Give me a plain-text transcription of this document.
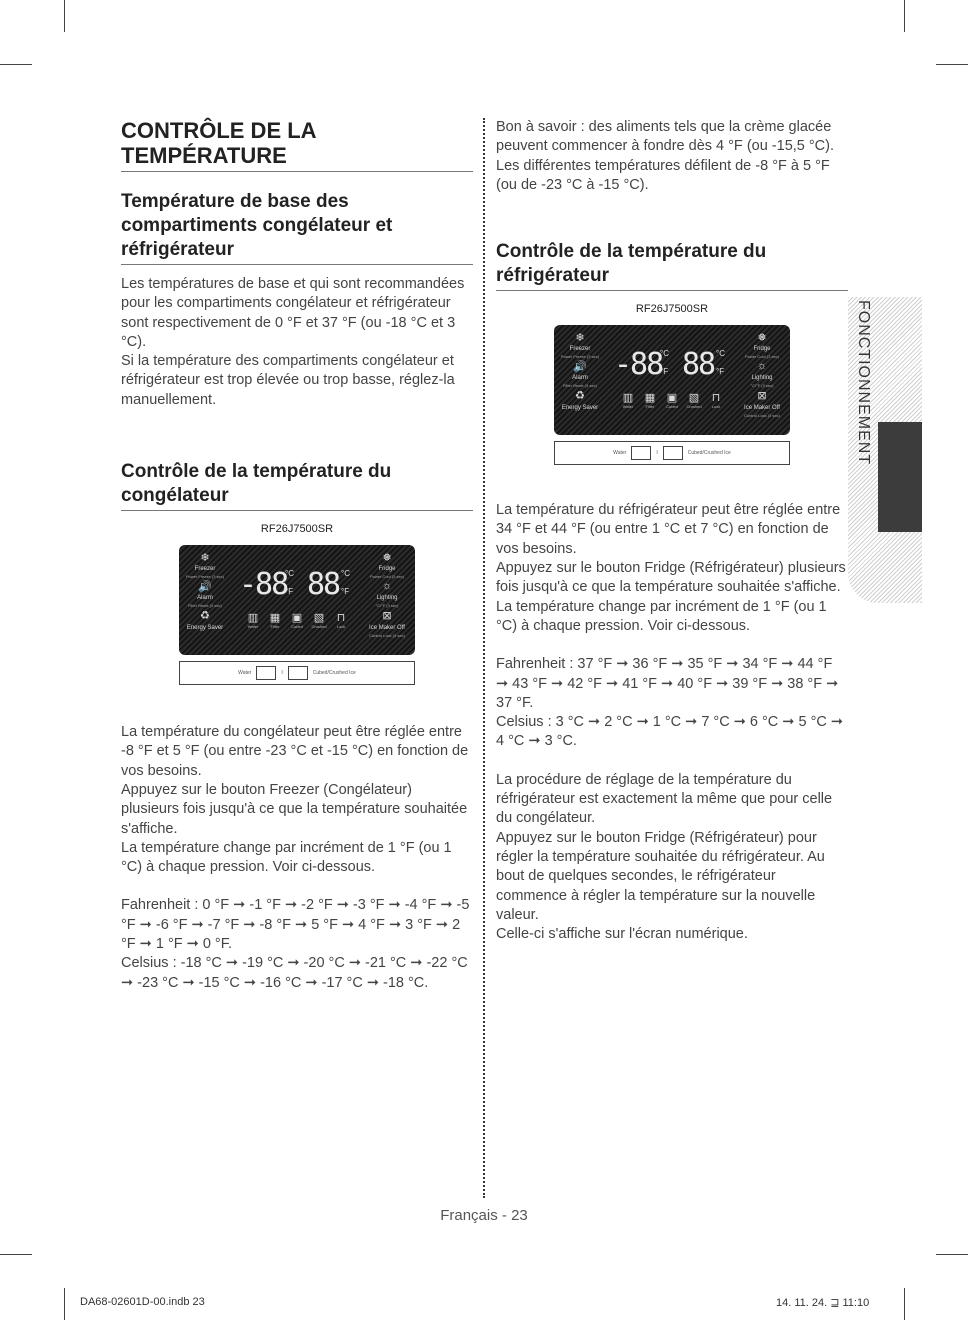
CONTRÔLE DE LA TEMPÉRATURE
Température de base des compartiments congélateur et réfrigérateur

Les températures de base et qui sont recommandées pour les compartiments congélateur et réfrigérateur sont respectivement de 0 °F et 37 °F (ou -18 °C et 3 °C).
Si la température des compartiments congélateur et réfrigérateur est trop élevée ou trop basse, réglez-la manuellement.

Contrôle de la température du congélateur

RF26J7500SR

❄
Freezer
Power Freeze (3 sec)
🔊
Alarm
Filter Reset (3 sec)
♻
Energy Saver
-88
°C
°F 88 °C
°F
❅
Fridge
Power Cool (3 sec)
☼
Lighting
°C/°F (3 sec)
⊠
Ice Maker Off
Control Lock (3 sec)
▥
Water
▦
Filter
▣
Cubed
▧
Crushed
⊓
Lock
Water	I	Cubed/Crushed Ice

La température du congélateur peut être réglée entre -8 °F et 5 °F (ou entre -23 °C et -15 °C) en fonction de vos besoins.
Appuyez sur le bouton Freezer (Congélateur) plusieurs fois jusqu'à ce que la température souhaitée s'affiche.
La température change par incrément de 1 °F (ou 1 °C) à chaque pression. Voir ci-dessous.

Fahrenheit : 0 °F ➞ -1 °F ➞ -2 °F ➞ -3 °F ➞ -4 °F ➞ -5 °F ➞ -6 °F ➞ -7 °F ➞ -8 °F ➞ 5 °F ➞ 4 °F ➞ 3 °F ➞ 2 °F ➞ 1 °F ➞ 0 °F.
Celsius : -18 °C ➞ -19 °C ➞ -20 °C ➞ -21 °C ➞ -22 °C ➞ -23 °C ➞ -15 °C ➞ -16 °C ➞ -17 °C ➞ -18 °C.

Bon à savoir : des aliments tels que la crème glacée peuvent commencer à fondre dès 4 °F (ou -15,5 °C).
Les différentes températures défilent de -8 °F à 5 °F (ou de -23 °C à -15 °C).

Contrôle de la température du réfrigérateur

RF26J7500SR

❄
Freezer
Power Freeze (3 sec)
🔊
Alarm
Filter Reset (3 sec)
♻
Energy Saver
-88
°C
°F 88 °C
°F
❅
Fridge
Power Cool (3 sec)
☼
Lighting
°C/°F (3 sec)
⊠
Ice Maker Off
Control Lock (3 sec)
▥
Water
▦
Filter
▣
Cubed
▧
Crushed
⊓
Lock
Water	I	Cubed/Crushed Ice

La température du réfrigérateur peut être réglée entre 34 °F et 44 °F (ou entre 1 °C et 7 °C) en fonction de vos besoins.
Appuyez sur le bouton Fridge (Réfrigérateur) plusieurs fois jusqu'à ce que la température souhaitée s'affiche. La température change par incrément de 1 °F (ou 1 °C) à chaque pression. Voir ci-dessous.

Fahrenheit : 37 °F ➞ 36 °F ➞ 35 °F ➞ 34 °F ➞ 44 °F ➞ 43 °F ➞ 42 °F ➞ 41 °F ➞ 40 °F ➞ 39 °F ➞ 38 °F ➞ 37 °F.
Celsius : 3 °C ➞ 2 °C ➞ 1 °C ➞ 7 °C ➞ 6 °C ➞ 5 °C ➞ 4 °C ➞ 3 °C.

La procédure de réglage de la température du réfrigérateur est exactement la même que pour celle du congélateur.
Appuyez sur le bouton Fridge (Réfrigérateur) pour régler la température souhaitée du réfrigérateur. Au bout de quelques secondes, le réfrigérateur commence à régler la température sur la nouvelle valeur.
Celle-ci s'affiche sur l'écran numérique.

FONCTIONNEMENT
Français - 23
DA68-02601D-00.indb 23	14. 11. 24. ⊒ 11:10
